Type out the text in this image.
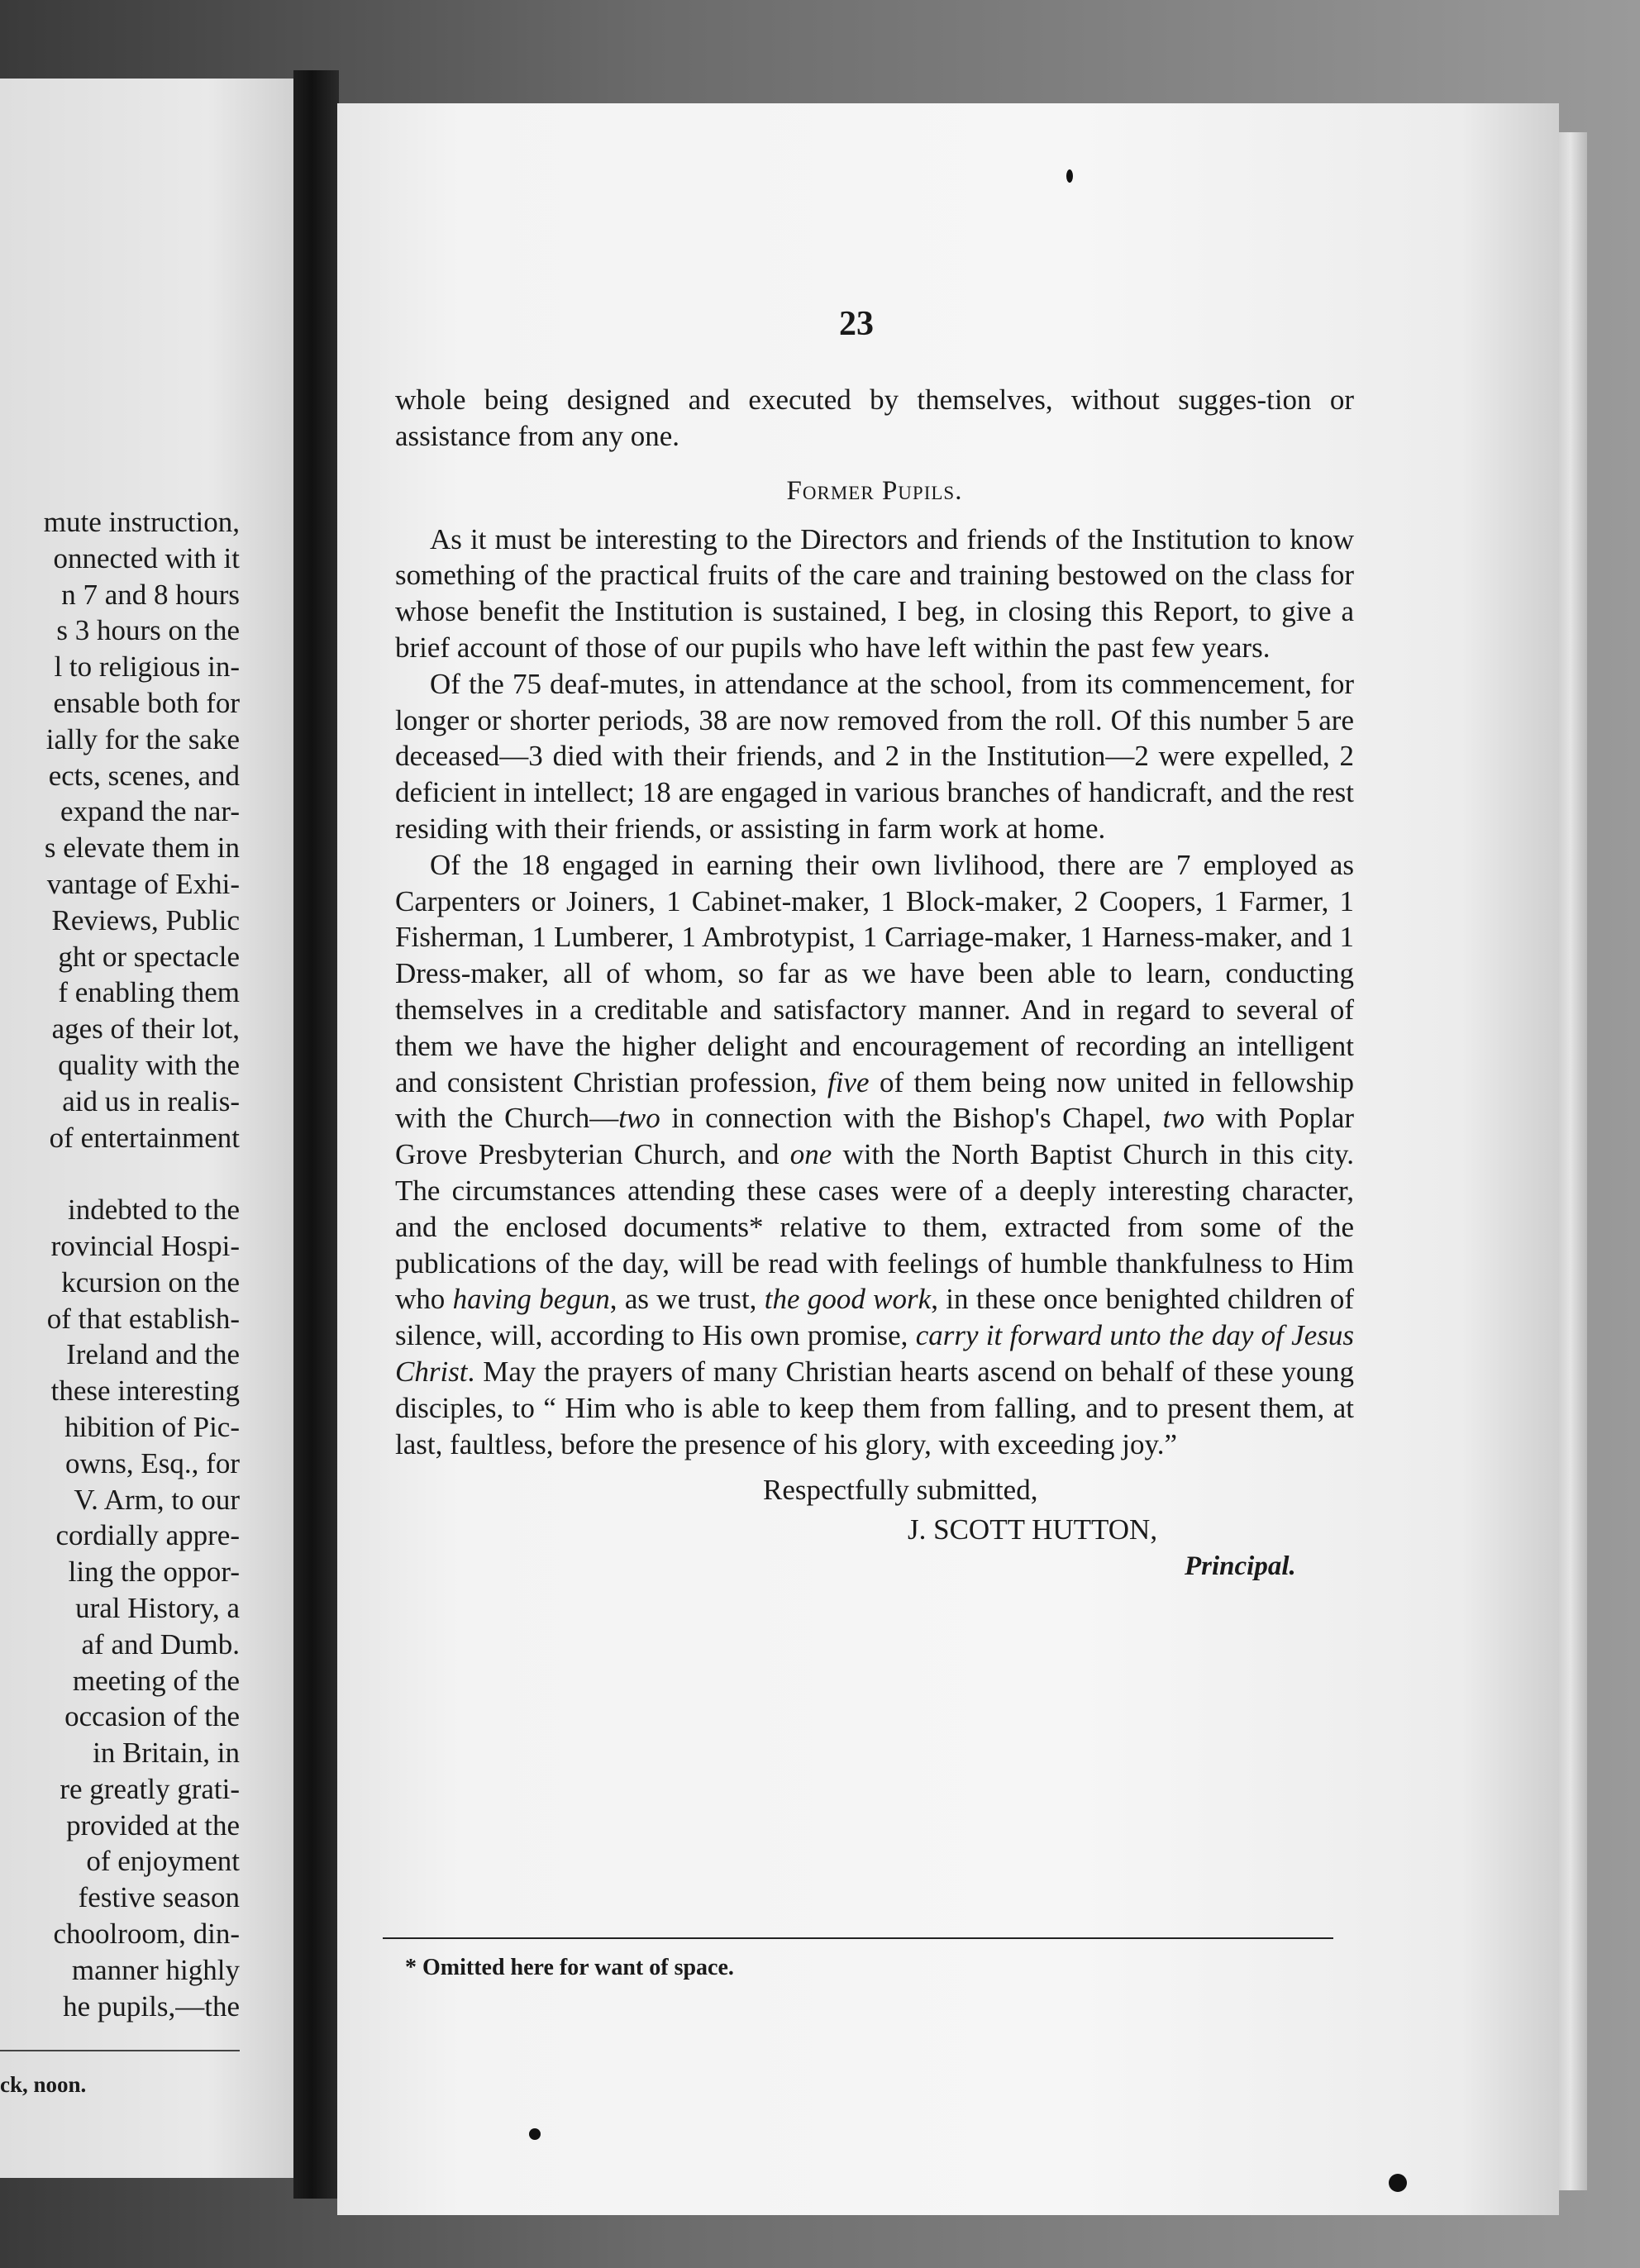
mute instruction,
onnected with it
n 7 and 8 hours
s 3 hours on the
l to religious in-
ensable both for
ially for the sake
ects, scenes, and
expand the nar-
s elevate them in
vantage of Exhi-
Reviews, Public
ght or spectacle
f enabling them
ages of their lot,
quality with the
aid us in realis-
of entertainment
indebted to the
rovincial Hospi-
kcursion on the
of that establish-
Ireland and the
these interesting
hibition of Pic-
owns, Esq., for
V. Arm, to our
cordially appre-
ling the oppor-
ural History, a
af and Dumb.
meeting of the
occasion of the
in Britain, in
re greatly grati-
provided at the
of enjoyment
festive season
choolroom, din-
manner highly
he pupils,—the
ck, noon.
23

whole being designed and executed by themselves, without sugges-tion or assistance from any one.

Former Pupils.

As it must be interesting to the Directors and friends of the Institution to know something of the practical fruits of the care and training bestowed on the class for whose benefit the Institution is sustained, I beg, in closing this Report, to give a brief account of those of our pupils who have left within the past few years.

Of the 75 deaf-mutes, in attendance at the school, from its commencement, for longer or shorter periods, 38 are now removed from the roll. Of this number 5 are deceased—3 died with their friends, and 2 in the Institution—2 were expelled, 2 deficient in intellect; 18 are engaged in various branches of handicraft, and the rest residing with their friends, or assisting in farm work at home.

Of the 18 engaged in earning their own livlihood, there are 7 employed as Carpenters or Joiners, 1 Cabinet-maker, 1 Block-maker, 2 Coopers, 1 Farmer, 1 Fisherman, 1 Lumberer, 1 Ambrotypist, 1 Carriage-maker, 1 Harness-maker, and 1 Dress-maker, all of whom, so far as we have been able to learn, conducting themselves in a creditable and satisfactory manner. And in regard to several of them we have the higher delight and encouragement of recording an intelligent and consistent Christian profession, five of them being now united in fellowship with the Church—two in connection with the Bishop's Chapel, two with Poplar Grove Presbyterian Church, and one with the North Baptist Church in this city. The circumstances attending these cases were of a deeply interesting character, and the enclosed documents* relative to them, extracted from some of the publications of the day, will be read with feelings of humble thankfulness to Him who having begun, as we trust, the good work, in these once benighted children of silence, will, according to His own promise, carry it forward unto the day of Jesus Christ. May the prayers of many Christian hearts ascend on behalf of these young disciples, to “ Him who is able to keep them from falling, and to present them, at last, faultless, before the presence of his glory, with exceeding joy.”

Respectfully submitted,
J. SCOTT HUTTON,
Principal.
* Omitted here for want of space.
